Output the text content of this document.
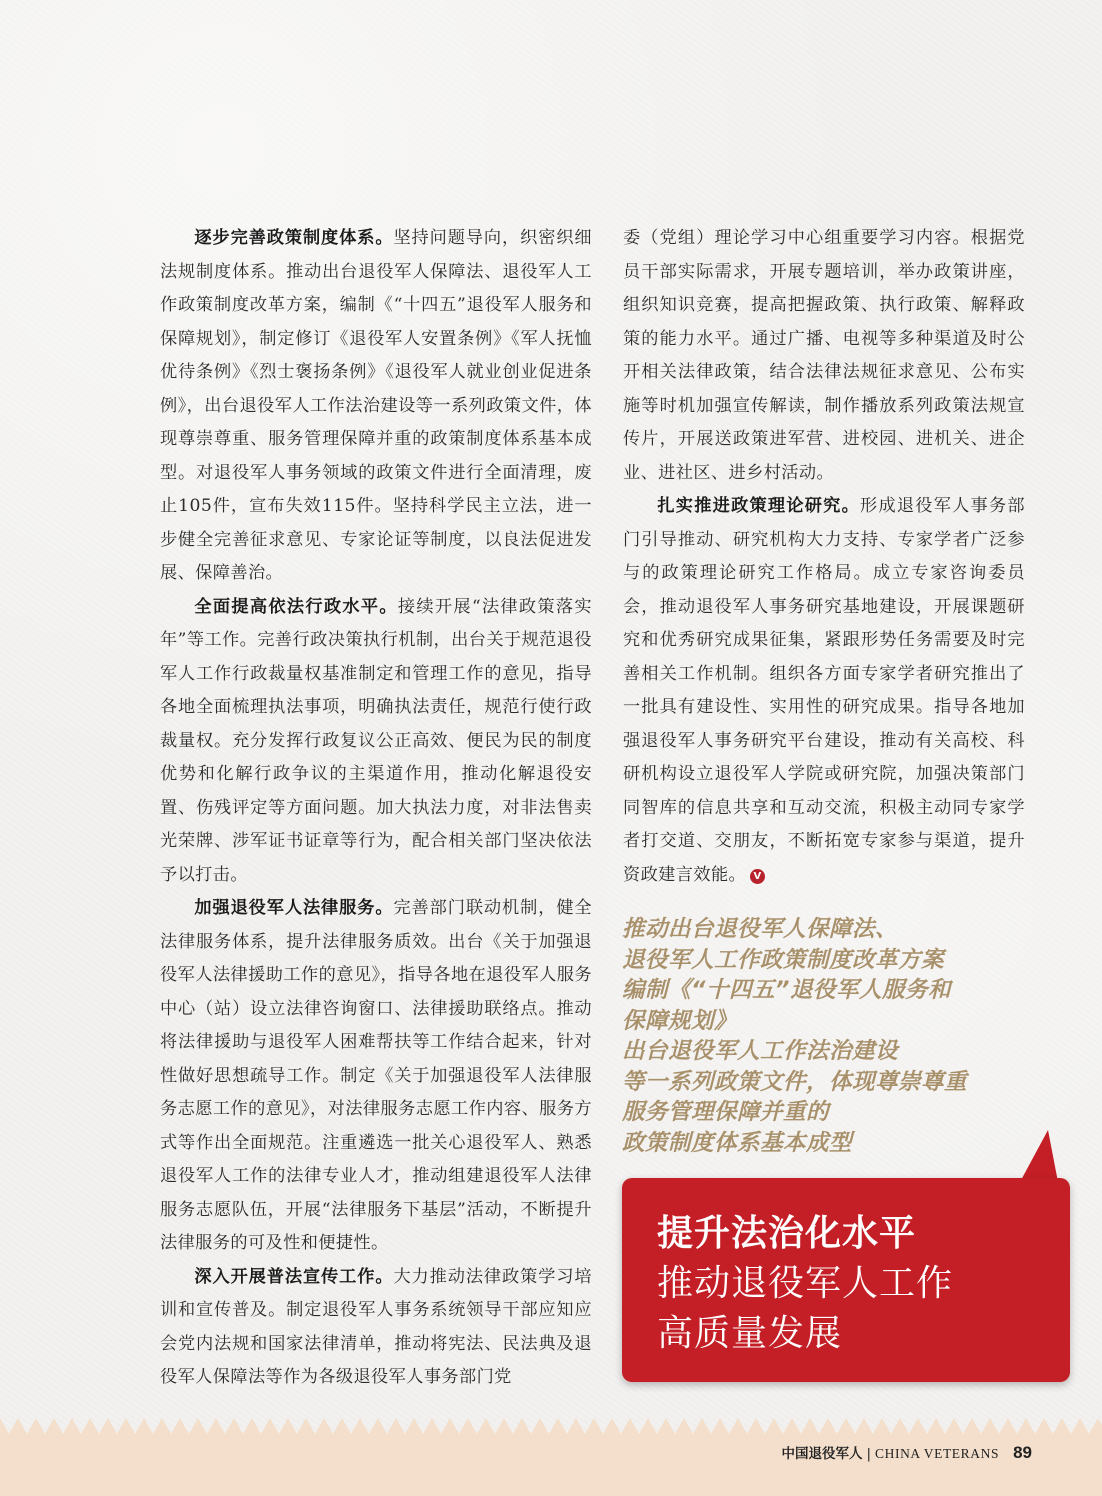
逐步完善政策制度体系。坚持问题导向，织密织细法规制度体系。推动出台退役军人保障法、退役军人工作政策制度改革方案，编制《“十四五”退役军人服务和保障规划》，制定修订《退役军人安置条例》《军人抚恤优待条例》《烈士褒扬条例》《退役军人就业创业促进条例》，出台退役军人工作法治建设等一系列政策文件，体现尊崇尊重、服务管理保障并重的政策制度体系基本成型。对退役军人事务领域的政策文件进行全面清理，废止105件，宣布失效115件。坚持科学民主立法，进一步健全完善征求意见、专家论证等制度，以良法促进发展、保障善治。

全面提高依法行政水平。接续开展“法律政策落实年”等工作。完善行政决策执行机制，出台关于规范退役军人工作行政裁量权基准制定和管理工作的意见，指导各地全面梳理执法事项，明确执法责任，规范行使行政裁量权。充分发挥行政复议公正高效、便民为民的制度优势和化解行政争议的主渠道作用，推动化解退役安置、伤残评定等方面问题。加大执法力度，对非法售卖光荣牌、涉军证书证章等行为，配合相关部门坚决依法予以打击。

加强退役军人法律服务。完善部门联动机制，健全法律服务体系，提升法律服务质效。出台《关于加强退役军人法律援助工作的意见》，指导各地在退役军人服务中心（站）设立法律咨询窗口、法律援助联络点。推动将法律援助与退役军人困难帮扶等工作结合起来，针对性做好思想疏导工作。制定《关于加强退役军人法律服务志愿工作的意见》，对法律服务志愿工作内容、服务方式等作出全面规范。注重遴选一批关心退役军人、熟悉退役军人工作的法律专业人才，推动组建退役军人法律服务志愿队伍，开展“法律服务下基层”活动，不断提升法律服务的可及性和便捷性。

深入开展普法宣传工作。大力推动法律政策学习培训和宣传普及。制定退役军人事务系统领导干部应知应会党内法规和国家法律清单，推动将宪法、民法典及退役军人保障法等作为各级退役军人事务部门党

委（党组）理论学习中心组重要学习内容。根据党员干部实际需求，开展专题培训，举办政策讲座，组织知识竞赛，提高把握政策、执行政策、解释政策的能力水平。通过广播、电视等多种渠道及时公开相关法律政策，结合法律法规征求意见、公布实施等时机加强宣传解读，制作播放系列政策法规宣传片，开展送政策进军营、进校园、进机关、进企业、进社区、进乡村活动。

扎实推进政策理论研究。形成退役军人事务部门引导推动、研究机构大力支持、专家学者广泛参与的政策理论研究工作格局。成立专家咨询委员会，推动退役军人事务研究基地建设，开展课题研究和优秀研究成果征集，紧跟形势任务需要及时完善相关工作机制。组织各方面专家学者研究推出了一批具有建设性、实用性的研究成果。指导各地加强退役军人事务研究平台建设，推动有关高校、科研机构设立退役军人学院或研究院，加强决策部门同智库的信息共享和互动交流，积极主动同专家学者打交道、交朋友，不断拓宽专家参与渠道，提升资政建言效能。 V

推动出台退役军人保障法、
退役军人工作政策制度改革方案
编制《“十四五”退役军人服务和
保障规划》
出台退役军人工作法治建设
等一系列政策文件，体现尊崇尊重
服务管理保障并重的
政策制度体系基本成型
提升法治化水平
推动退役军人工作
高质量发展
中国退役军人 | CHINA VETERANS 89
